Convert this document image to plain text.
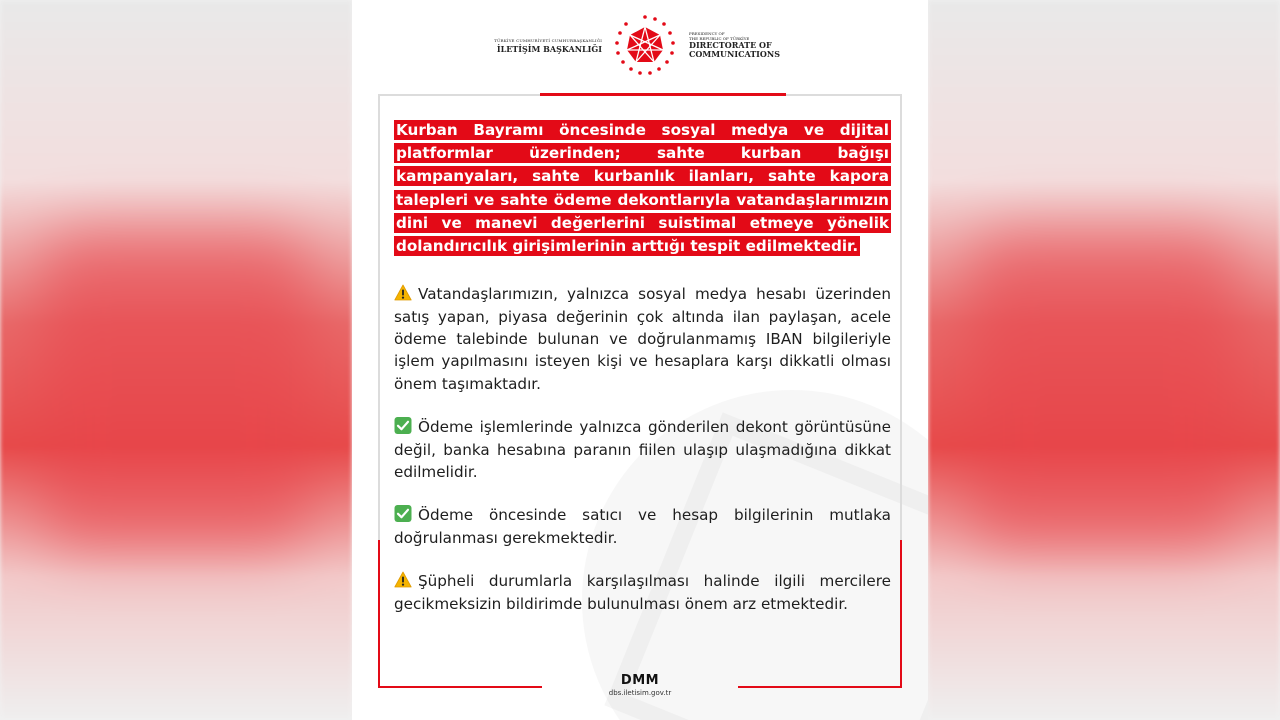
TÜRKİYE CUMHURİYETİ CUMHURBAŞKANLIĞI
İLETİŞİM BAŞKANLIĞI
PRESIDENCY OF
THE REPUBLIC OF TÜRKİYE
DIRECTORATE OF
COMMUNICATIONS

Kurban Bayramı öncesinde sosyal medya ve dijital platformlar üzerinden; sahte kurban bağışı kampanyaları, sahte kurbanlık ilanları, sahte kapora talepleri ve sahte ödeme dekontlarıyla vatandaşlarımızın dini ve manevi değerlerini suistimal etmeye yönelik dolandırıcılık girişimlerinin arttığı tespit edilmektedir.

Vatandaşlarımızın, yalnızca sosyal medya hesabı üzerinden satış yapan, piyasa değerinin çok altında ilan paylaşan, acele ödeme talebinde bulunan ve doğrulanmamış IBAN bilgileriyle işlem yapılmasını isteyen kişi ve hesaplara karşı dikkatli olması önem taşımaktadır.

Ödeme işlemlerinde yalnızca gönderilen dekont görüntüsüne değil, banka hesabına paranın fiilen ulaşıp ulaşmadığına dikkat edilmelidir.

Ödeme öncesinde satıcı ve hesap bilgilerinin mutlaka doğrulanması gerekmektedir.

Şüpheli durumlarla karşılaşılması halinde ilgili mercilere gecikmeksizin bildirimde bulunulması önem arz etmektedir.

DMM
dbs.iletisim.gov.tr
